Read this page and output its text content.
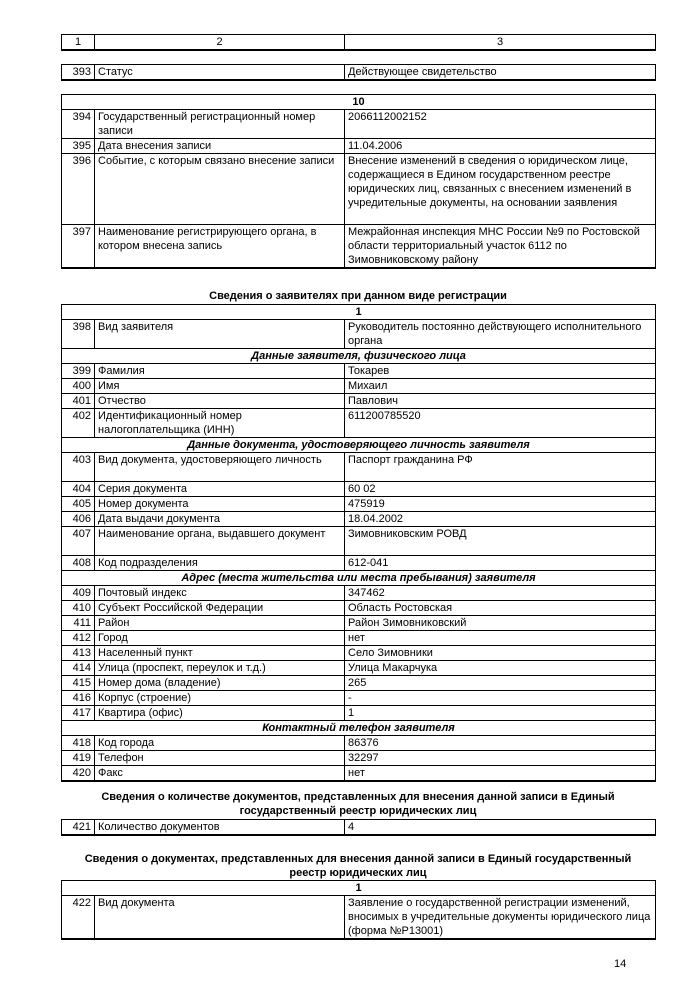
1	2	3
393	Статус	Действующее свидетельство
10		
394	Государственный регистрационный номер записи	2066112002152
395	Дата внесения записи	11.04.2006
396	Событие, с которым связано внесение записи	Внесение изменений в сведения о юридическом лице, содержащиеся в Едином государственном реестре юридических лиц, связанных с внесением изменений в учредительные документы, на основании заявления
397	Наименование регистрирующего органа, в котором внесена запись	Межрайонная инспекция МНС России №9 по Ростовской области территориальный участок 6112 по Зимовниковскому району
Сведения о заявителях при данном виде регистрации
1		
398	Вид заявителя	Руководитель постоянно действующего исполнительного органа
Данные заявителя, физического лица		
399	Фамилия	Токарев
400	Имя	Михаил
401	Отчество	Павлович
402	Идентификационный номер налогоплательщика (ИНН)	611200785520
Данные документа, удостоверяющего личность заявителя		
403	Вид документа, удостоверяющего личность	Паспорт гражданина РФ
404	Серия документа	60 02
405	Номер документа	475919
406	Дата выдачи документа	18.04.2002
407	Наименование органа, выдавшего документ	Зимовниковским РОВД
408	Код подразделения	612-041
Адрес (места жительства или места пребывания) заявителя		
409	Почтовый индекс	347462
410	Субъект Российской Федерации	Область Ростовская
411	Район	Район Зимовниковский
412	Город	нет
413	Населенный пункт	Село Зимовники
414	Улица (проспект, переулок и т.д.)	Улица Макарчука
415	Номер дома (владение)	265
416	Корпус (строение)	-
417	Квартира (офис)	1
Контактный телефон заявителя		
418	Код города	86376
419	Телефон	32297
420	Факс	нет
Сведения о количестве документов, представленных для внесения данной записи в Единый
государственный реестр юридических лиц
421	Количество документов	4
Сведения о документах, представленных для внесения данной записи в Единый государственный
реестр юридических лиц
1
422	Вид документа	Заявление о государственной регистрации изменений, вносимых в учредительные документы юридического лица (форма №Р13001)
14
